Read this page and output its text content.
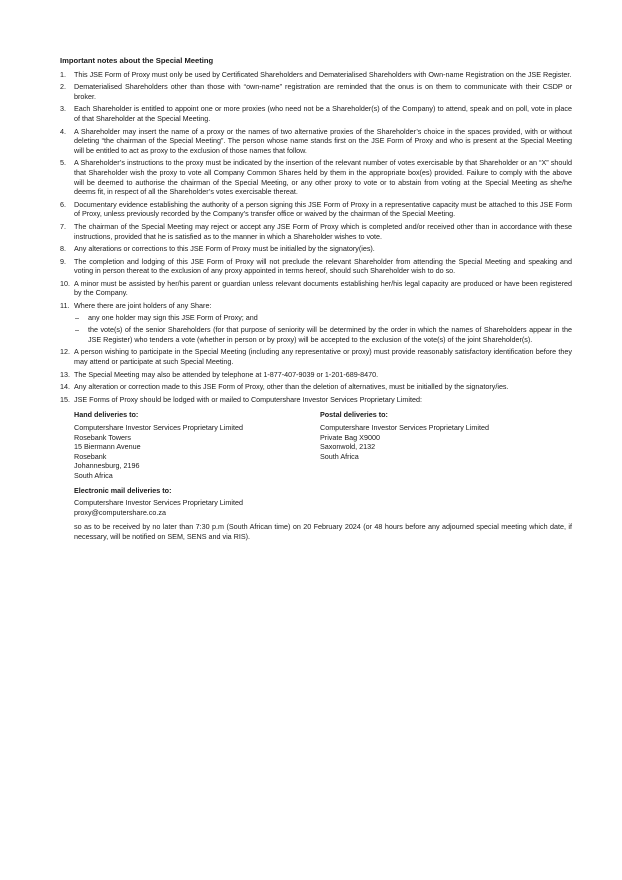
Important notes about the Special Meeting
1. This JSE Form of Proxy must only be used by Certificated Shareholders and Dematerialised Shareholders with Own-name Registration on the JSE Register.
2. Dematerialised Shareholders other than those with “own-name” registration are reminded that the onus is on them to communicate with their CSDP or broker.
3. Each Shareholder is entitled to appoint one or more proxies (who need not be a Shareholder(s) of the Company) to attend, speak and on poll, vote in place of that Shareholder at the Special Meeting.
4. A Shareholder may insert the name of a proxy or the names of two alternative proxies of the Shareholder’s choice in the spaces provided, with or without deleting “the chairman of the Special Meeting”. The person whose name stands first on the JSE Form of Proxy and who is present at the Special Meeting will be entitled to act as proxy to the exclusion of those names that follow.
5. A Shareholder’s instructions to the proxy must be indicated by the insertion of the relevant number of votes exercisable by that Shareholder or an “X” should that Shareholder wish the proxy to vote all Company Common Shares held by them in the appropriate box(es) provided. Failure to comply with the above will be deemed to authorise the chairman of the Special Meeting, or any other proxy to vote or to abstain from voting at the Special Meeting as she/he deems fit, in respect of all the Shareholder’s votes exercisable thereat.
6. Documentary evidence establishing the authority of a person signing this JSE Form of Proxy in a representative capacity must be attached to this JSE Form of Proxy, unless previously recorded by the Company’s transfer office or waived by the chairman of the Special Meeting.
7. The chairman of the Special Meeting may reject or accept any JSE Form of Proxy which is completed and/or received other than in accordance with these instructions, provided that he is satisfied as to the manner in which a Shareholder wishes to vote.
8. Any alterations or corrections to this JSE Form of Proxy must be initialled by the signatory(ies).
9. The completion and lodging of this JSE Form of Proxy will not preclude the relevant Shareholder from attending the Special Meeting and speaking and voting in person thereat to the exclusion of any proxy appointed in terms hereof, should such Shareholder wish to do so.
10. A minor must be assisted by her/his parent or guardian unless relevant documents establishing her/his legal capacity are produced or have been registered by the Company.
11. Where there are joint holders of any Share:
– any one holder may sign this JSE Form of Proxy; and
– the vote(s) of the senior Shareholders (for that purpose of seniority will be determined by the order in which the names of Shareholders appear in the JSE Register) who tenders a vote (whether in person or by proxy) will be accepted to the exclusion of the vote(s) of the joint Shareholder(s).
12. A person wishing to participate in the Special Meeting (including any representative or proxy) must provide reasonably satisfactory identification before they may attend or participate at such Special Meeting.
13. The Special Meeting may also be attended by telephone at 1-877-407-9039 or 1-201-689-8470.
14. Any alteration or correction made to this JSE Form of Proxy, other than the deletion of alternatives, must be initialled by the signatory/ies.
15. JSE Forms of Proxy should be lodged with or mailed to Computershare Investor Services Proprietary Limited:
Hand deliveries to:
Computershare Investor Services Proprietary Limited
Rosebank Towers
15 Biermann Avenue
Rosebank
Johannesburg, 2196
South Africa
Postal deliveries to:
Computershare Investor Services Proprietary Limited
Private Bag X9000
Saxonwold, 2132
South Africa
Electronic mail deliveries to:
Computershare Investor Services Proprietary Limited
proxy@computershare.co.za
so as to be received by no later than 7:30 p.m (South African time) on 20 February 2024 (or 48 hours before any adjourned special meeting which date, if necessary, will be notified on SEM, SENS and via RIS).
